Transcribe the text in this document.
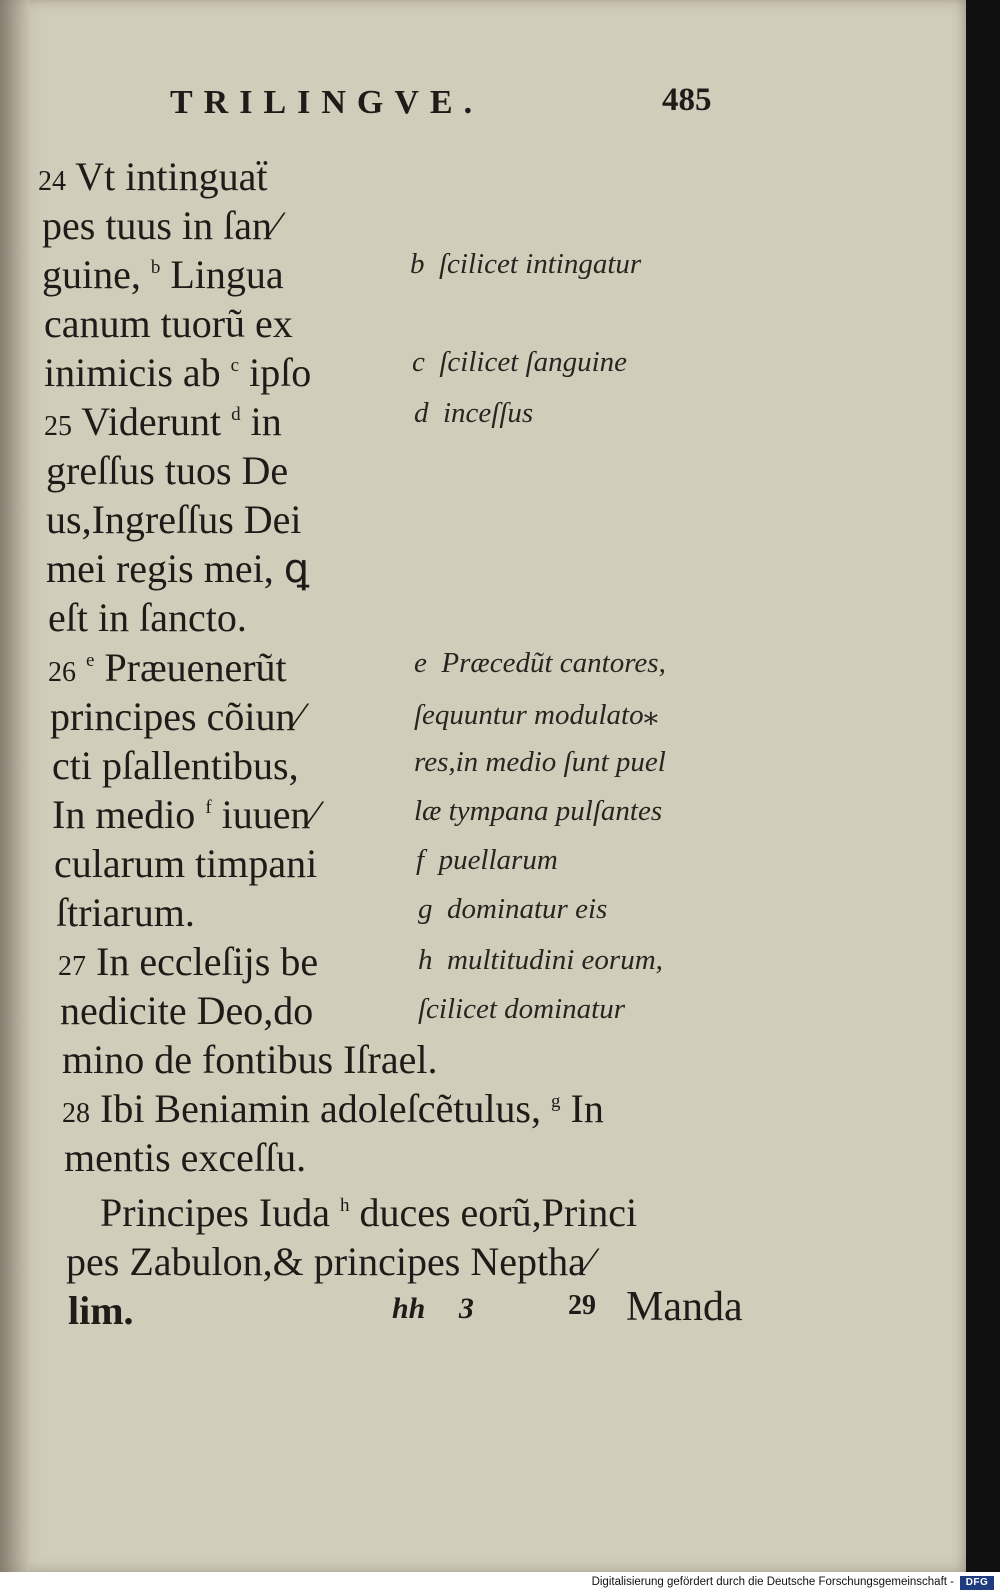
TRILINGVE.	485
24 Vt intinguaẗ
pes tuus in ſan⁄
guine, $^b$ Lingua
canum tuorũ ex
inimicis ab $^c$ ipſo
25 Viderunt $^d$ in
greſſus tuos De
us,Ingreſſus Dei
mei regis mei, ꝗ
eſt in ſancto.
26 $^e$ Præuenerũt
principes cõiun⁄
cti pſallentibus,
In medio $^f$ iuuen⁄
cularum timpani
ſtriarum.
27 In eccleſijs be
nedicite Deo,do
mino de fontibus Iſrael.
28 Ibi Beniamin adoleſcẽtulus, $^g$ In
mentis exceſſu.
Principes Iuda $^h$ duces eorũ,Princi
pes Zabulon,& principes Neptha⁄
lim.
b ſcilicet intingatur
c ſcilicet ſanguine
d inceſſus
e Præcedũt cantores,
ſequuntur modulato⁎
res,in medio ſunt puel
læ tympana pulſantes
f puellarum
g dominatur eis
h multitudini eorum,
ſcilicet dominatur
hh 3	29 Manda
Digitalisierung gefördert durch die Deutsche Forschungsgemeinschaft -	DFG
